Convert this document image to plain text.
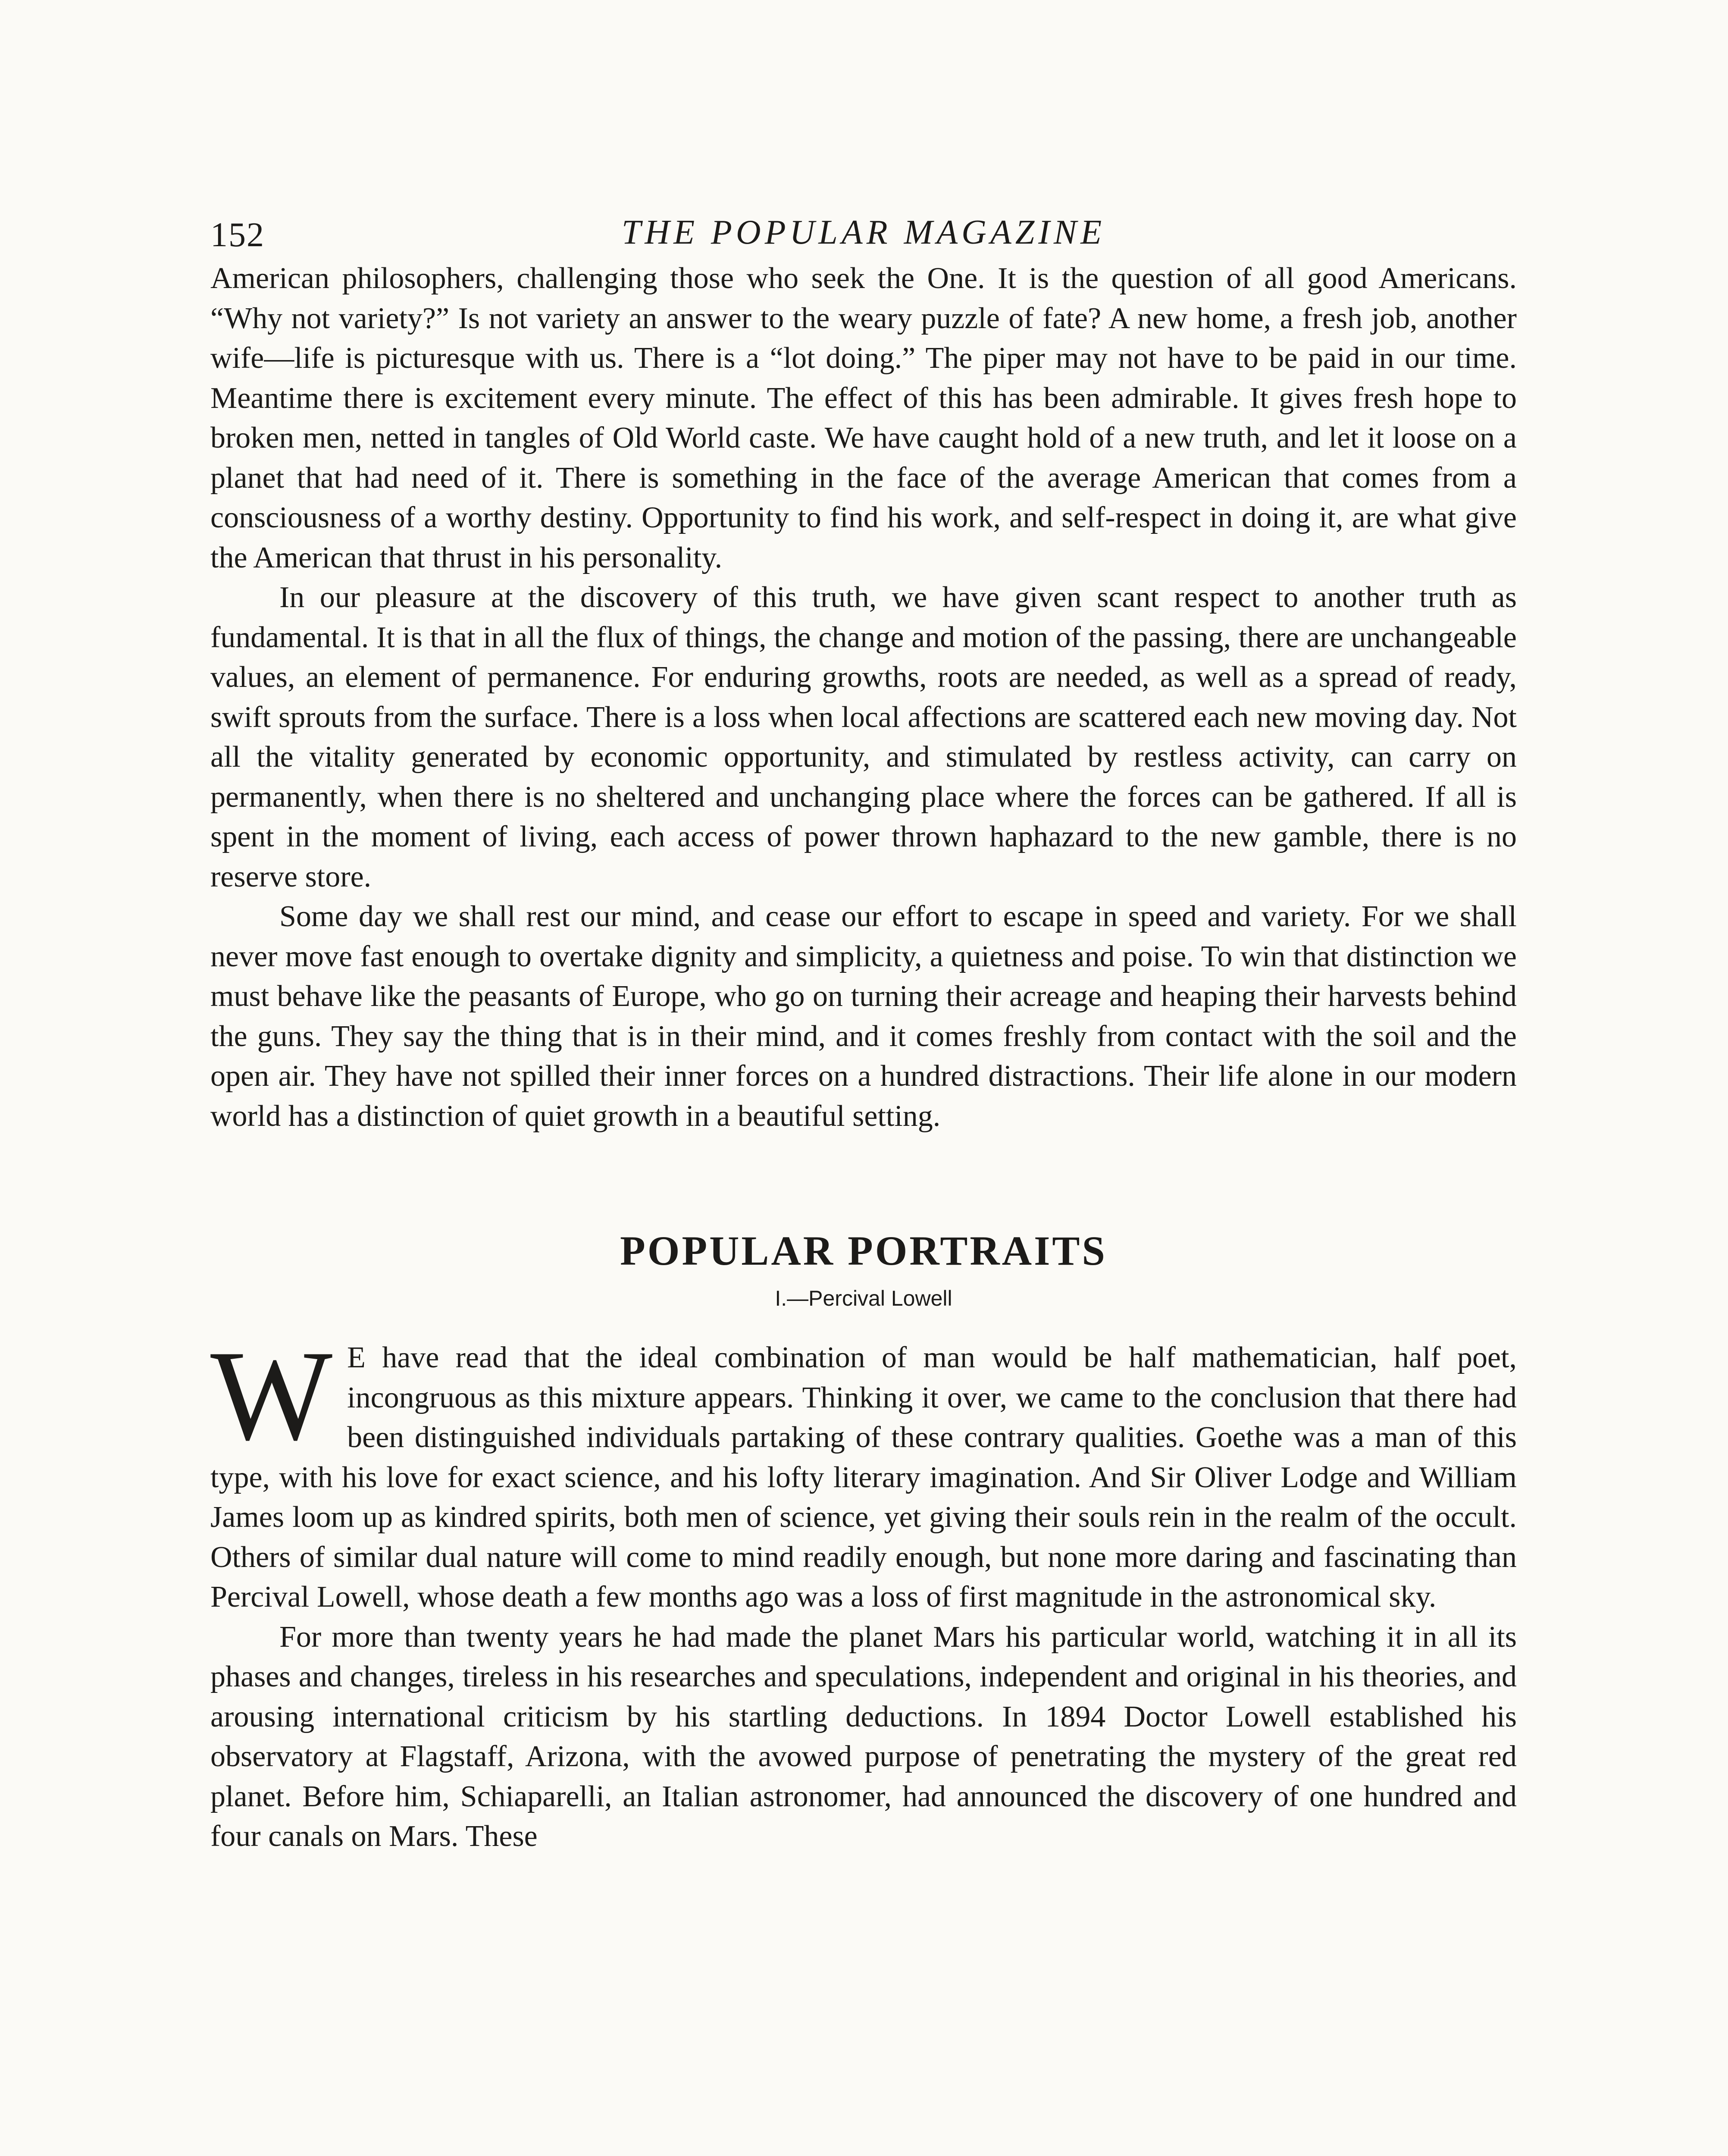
152	THE POPULAR MAGAZINE

American philosophers, challenging those who seek the One. It is the question of all good Americans. “Why not variety?” Is not variety an answer to the weary puzzle of fate? A new home, a fresh job, another wife—life is picturesque with us. There is a “lot doing.” The piper may not have to be paid in our time. Meantime there is excitement every minute. The effect of this has been admirable. It gives fresh hope to broken men, netted in tangles of Old World caste. We have caught hold of a new truth, and let it loose on a planet that had need of it. There is something in the face of the average American that comes from a consciousness of a worthy destiny. Opportunity to find his work, and self-respect in doing it, are what give the American that thrust in his personality.

In our pleasure at the discovery of this truth, we have given scant respect to another truth as fundamental. It is that in all the flux of things, the change and motion of the passing, there are unchangeable values, an element of permanence. For enduring growths, roots are needed, as well as a spread of ready, swift sprouts from the surface. There is a loss when local affections are scattered each new moving day. Not all the vitality generated by economic opportunity, and stimulated by restless activity, can carry on permanently, when there is no sheltered and unchanging place where the forces can be gathered. If all is spent in the moment of living, each access of power thrown haphazard to the new gamble, there is no reserve store.

Some day we shall rest our mind, and cease our effort to escape in speed and variety. For we shall never move fast enough to overtake dignity and simplicity, a quietness and poise. To win that distinction we must behave like the peasants of Europe, who go on turning their acreage and heaping their harvests behind the guns. They say the thing that is in their mind, and it comes freshly from contact with the soil and the open air. They have not spilled their inner forces on a hundred distractions. Their life alone in our modern world has a distinction of quiet growth in a beautiful setting.

POPULAR PORTRAITS
I.—Percival Lowell

W E have read that the ideal combination of man would be half mathematician, half poet, incongruous as this mixture appears. Thinking it over, we came to the conclusion that there had been distinguished individuals partaking of these contrary qualities. Goethe was a man of this type, with his love for exact science, and his lofty literary imagination. And Sir Oliver Lodge and William James loom up as kindred spirits, both men of science, yet giving their souls rein in the realm of the occult. Others of similar dual nature will come to mind readily enough, but none more daring and fascinating than Percival Lowell, whose death a few months ago was a loss of first magnitude in the astronomical sky.

For more than twenty years he had made the planet Mars his particular world, watching it in all its phases and changes, tireless in his researches and speculations, independent and original in his theories, and arousing international criticism by his startling deductions. In 1894 Doctor Lowell established his observatory at Flagstaff, Arizona, with the avowed purpose of penetrating the mystery of the great red planet. Before him, Schiaparelli, an Italian astronomer, had announced the discovery of one hundred and four canals on Mars. These
